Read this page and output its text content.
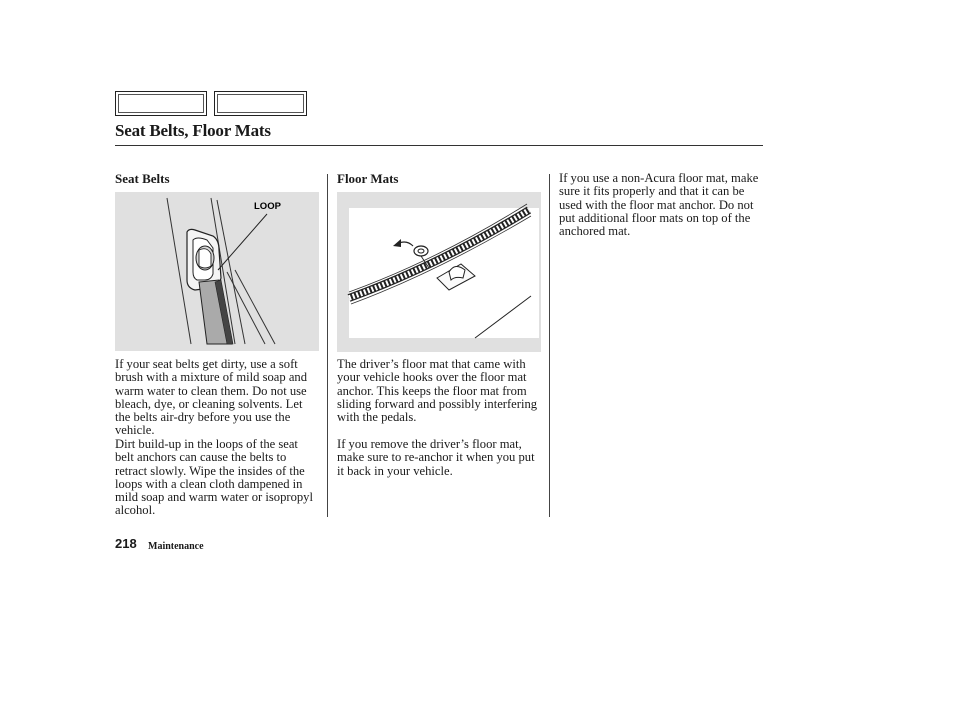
Seat Belts, Floor Mats
Seat Belts	Floor Mats
LOOP

If your seat belts get dirty, use a soft brush with a mixture of mild soap and warm water to clean them. Do not use bleach, dye, or cleaning solvents. Let the belts air-dry before you use the vehicle.

Dirt build-up in the loops of the seat belt anchors can cause the belts to retract slowly. Wipe the insides of the loops with a clean cloth dampened in mild soap and warm water or isopropyl alcohol.

The driver’s floor mat that came with your vehicle hooks over the floor mat anchor. This keeps the floor mat from sliding forward and possibly interfering with the pedals.

If you remove the driver’s floor mat, make sure to re-anchor it when you put it back in your vehicle.

If you use a non-Acura floor mat, make sure it fits properly and that it can be used with the floor mat anchor. Do not put additional floor mats on top of the anchored mat.

218 Maintenance
